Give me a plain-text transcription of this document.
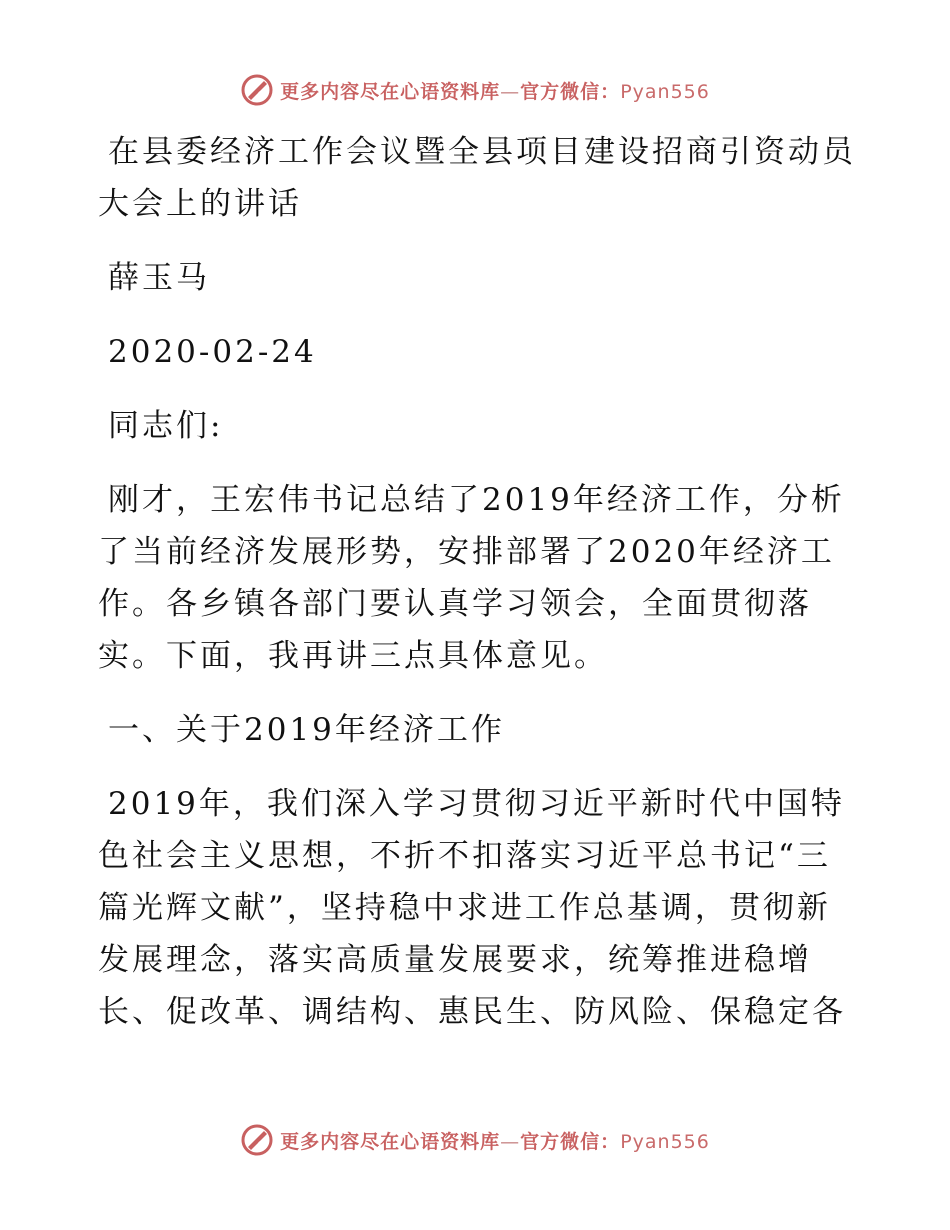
更多内容尽在心语资料库—官方微信：Pyan556

在县委经济工作会议暨全县项目建设招商引资动员大会上的讲话

薛玉马

2020-02-24

同志们:

刚才，王宏伟书记总结了2019年经济工作，分析了当前经济发展形势，安排部署了2020年经济工作。各乡镇各部门要认真学习领会，全面贯彻落实。下面，我再讲三点具体意见。

一、关于2019年经济工作

2019年，我们深入学习贯彻习近平新时代中国特色社会主义思想，不折不扣落实习近平总书记“三篇光辉文献”，坚持稳中求进工作总基调，贯彻新发展理念，落实高质量发展要求，统筹推进稳增长、促改革、调结构、惠民生、防风险、保稳定各

更多内容尽在心语资料库—官方微信：Pyan556
